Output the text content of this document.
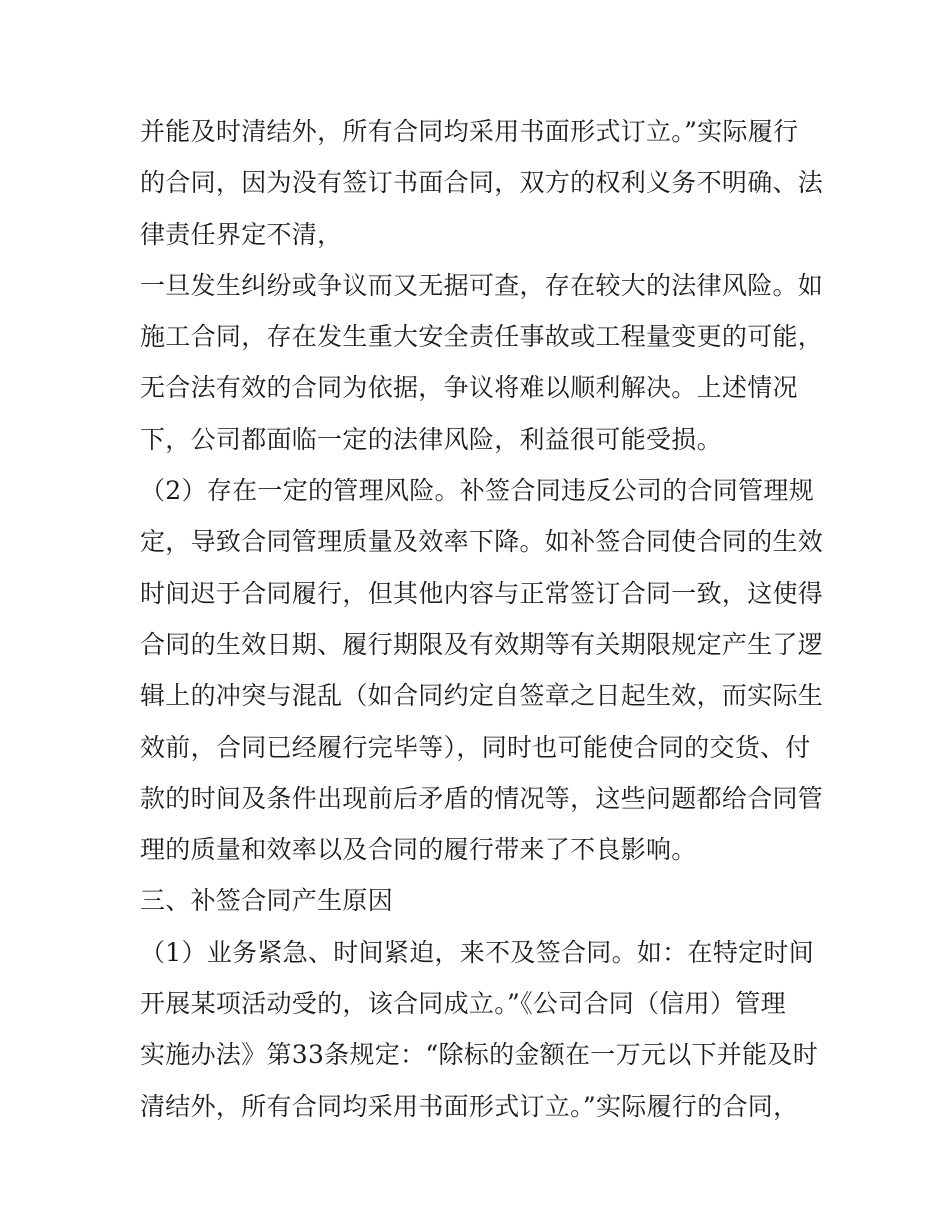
并能及时清结外，所有合同均采用书面形式订立。”实际履行
的合同，因为没有签订书面合同，双方的权利义务不明确、法
律责任界定不清，
一旦发生纠纷或争议而又无据可查，存在较大的法律风险。如
施工合同，存在发生重大安全责任事故或工程量变更的可能，
无合法有效的合同为依据，争议将难以顺利解决。上述情况
下，公司都面临一定的法律风险，利益很可能受损。
（2）存在一定的管理风险。补签合同违反公司的合同管理规
定，导致合同管理质量及效率下降。如补签合同使合同的生效
时间迟于合同履行，但其他内容与正常签订合同一致，这使得
合同的生效日期、履行期限及有效期等有关期限规定产生了逻
辑上的冲突与混乱（如合同约定自签章之日起生效，而实际生
效前，合同已经履行完毕等），同时也可能使合同的交货、付
款的时间及条件出现前后矛盾的情况等，这些问题都给合同管
理的质量和效率以及合同的履行带来了不良影响。
三、补签合同产生原因
（1）业务紧急、时间紧迫，来不及签合同。如：在特定时间
开展某项活动受的，该合同成立。”《公司合同（信用）管理
实施办法》第33条规定：“除标的金额在一万元以下并能及时
清结外，所有合同均采用书面形式订立。”实际履行的合同，
